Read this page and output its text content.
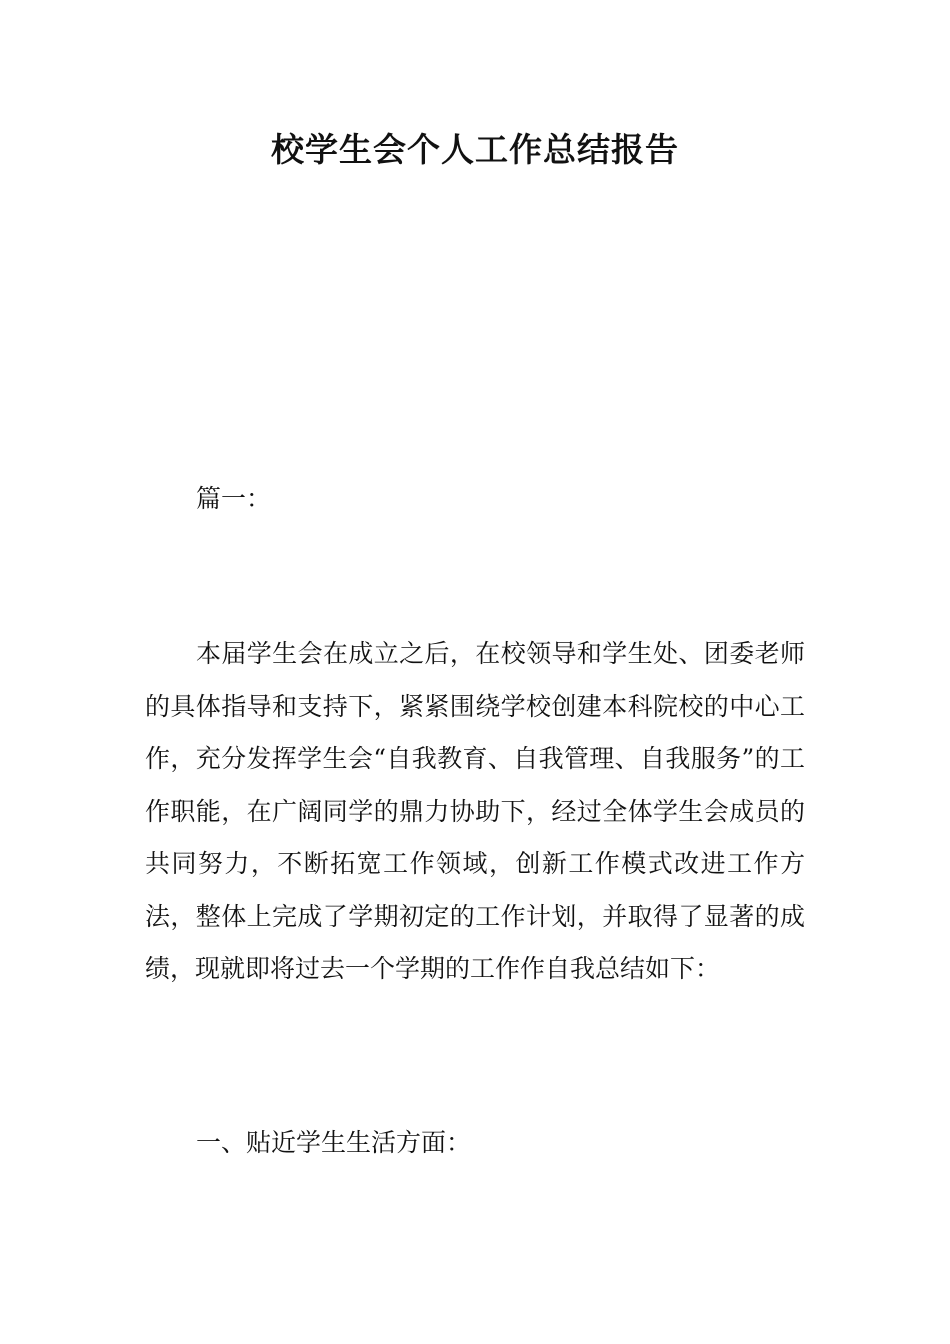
校学生会个人工作总结报告

篇一：

本届学生会在成立之后，在校领导和学生处、团委老师的具体指导和支持下，紧紧围绕学校创建本科院校的中心工作，充分发挥学生会“自我教育、自我管理、自我服务”的工作职能，在广阔同学的鼎力协助下，经过全体学生会成员的共同努力，不断拓宽工作领域，创新工作模式改进工作方法，整体上完成了学期初定的工作计划，并取得了显著的成绩，现就即将过去一个学期的工作作自我总结如下：

一、贴近学生生活方面：
